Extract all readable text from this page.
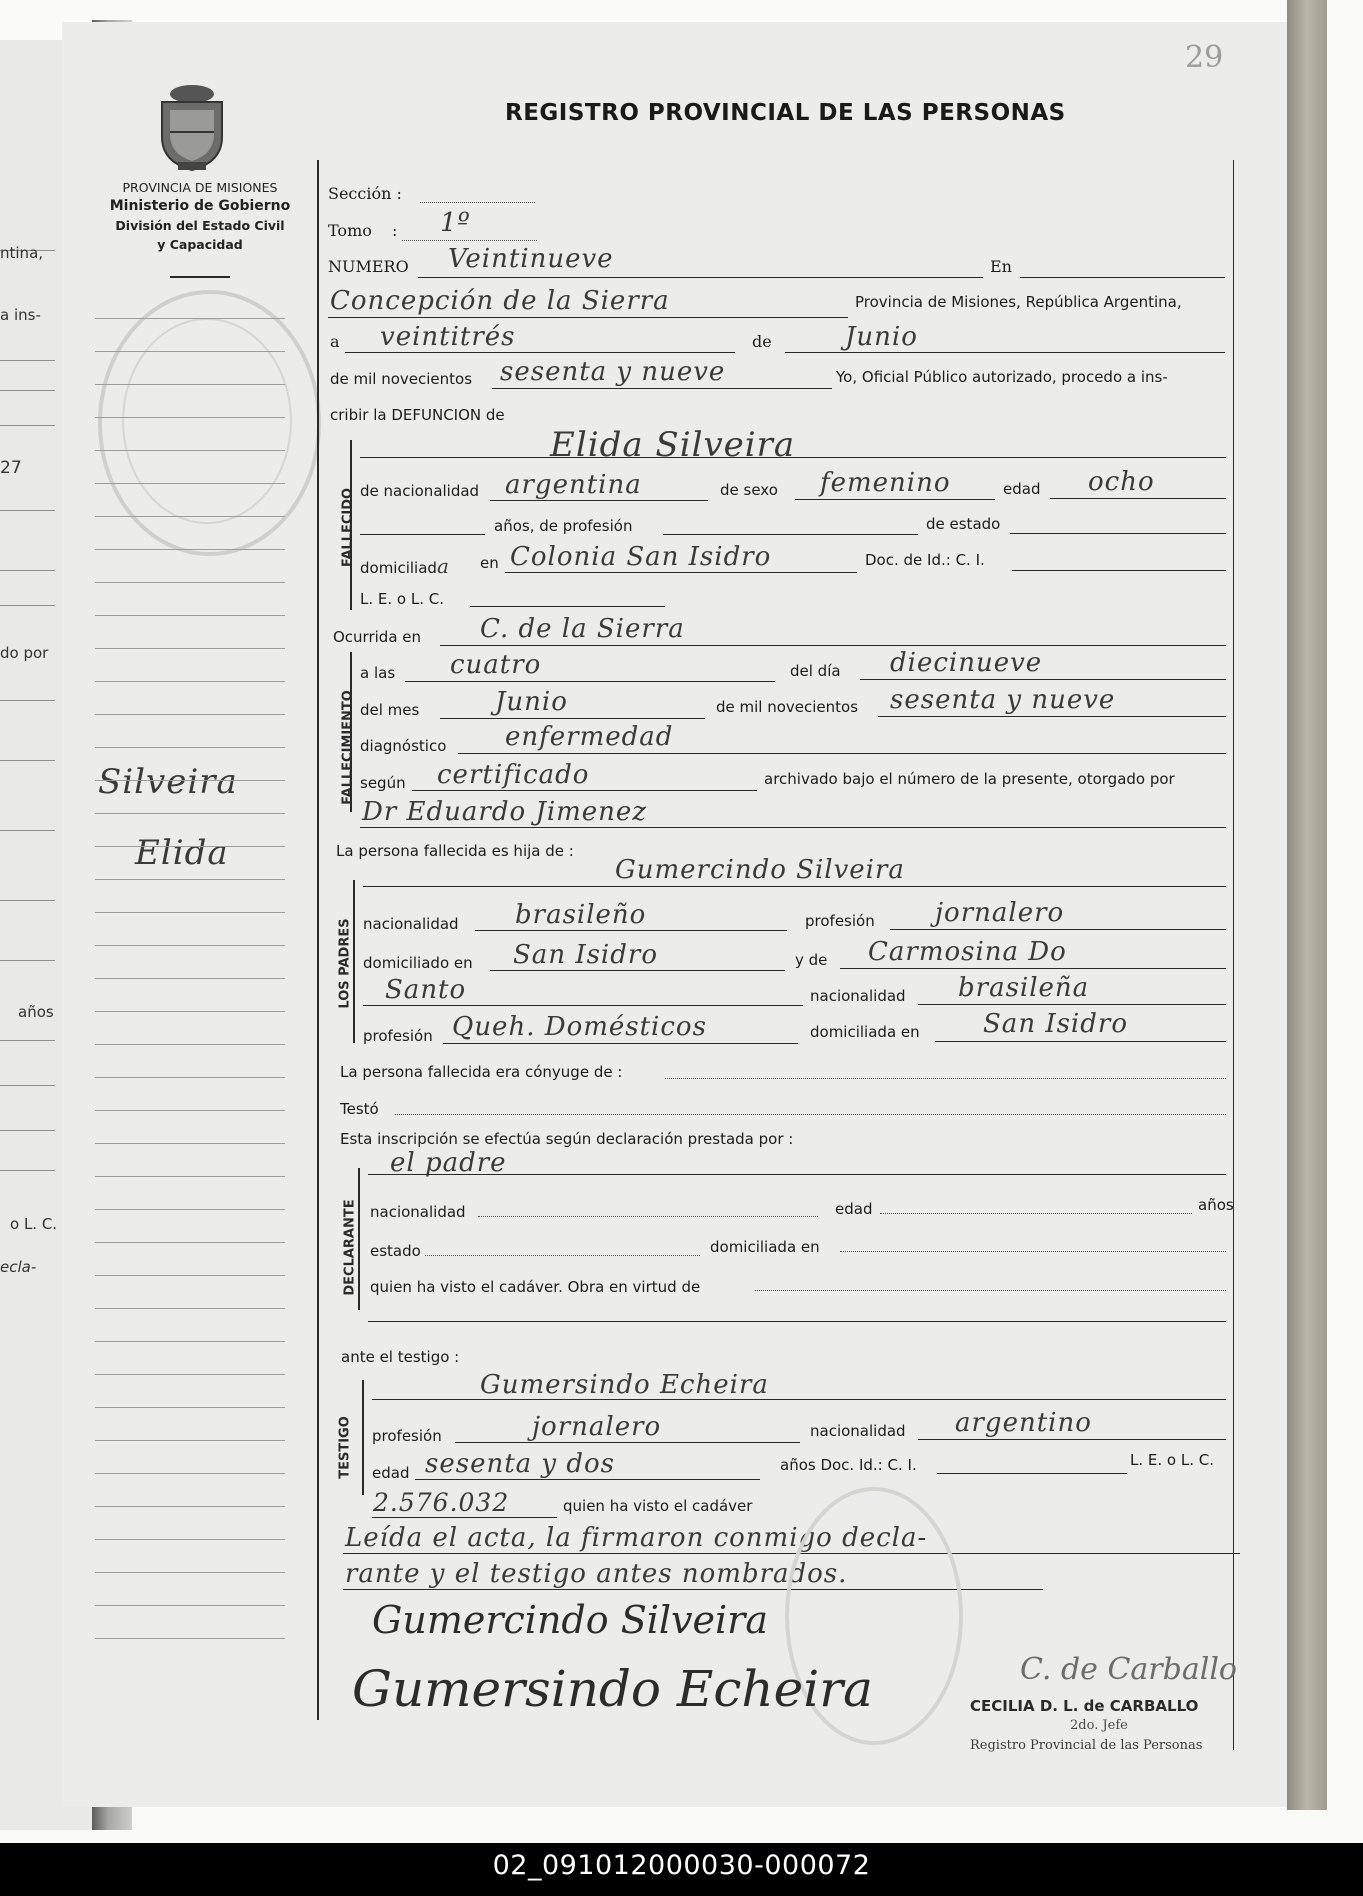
ntina,
a ins-
27
do por
años
o L. C.
ecla-
29
PROVINCIA DE MISIONES
Ministerio de Gobierno
División del Estado Civil
y Capacidad
Silveira
Elida
REGISTRO PROVINCIAL DE LAS PERSONAS
Sección :
Tomo : 1º
NUMERO Veintinueve	En
Concepción de la Sierra	Provincia de Misiones, República Argentina,
a veintitrés	de	Junio
de mil novecientos sesenta y nueve	Yo, Oficial Público autorizado, procedo a ins-
cribir la DEFUNCION de
Elida Silveira
FALLECIDO de nacionalidad argentina	de sexo femenino	edad ocho
años, de profesión	de estado
domiciliada en Colonia San Isidro	Doc. de Id.: C. I.
L. E. o L. C.
Ocurrida en C. de la Sierra
FALLECIMIENTO
a las cuatro	del día diecinueve
del mes	Junio	de mil novecientos sesenta y nueve
diagnóstico enfermedad
según certificado	archivado bajo el número de la presente, otorgado por
Dr Eduardo Jimenez
La persona fallecida es hija de :
LOS PADRES
Gumercindo Silveira
nacionalidad brasileño	profesión jornalero
domiciliado en San Isidro	y de Carmosina Do
Santo	nacionalidad brasileña
profesión Queh. Domésticos	domiciliada en San Isidro
La persona fallecida era cónyuge de :
Testó
Esta inscripción se efectúa según declaración prestada por :
DECLARANTE
el padre
nacionalidad	edad	años
estado	domiciliada en
quien ha visto el cadáver. Obra en virtud de
ante el testigo :
TESTIGO
Gumersindo Echeira
profesión	jornalero	nacionalidad argentino
edad sesenta y dos	años Doc. Id.: C. I.	L. E. o L. C.
2.576.032	quien ha visto el cadáver
Leída el acta, la firmaron conmigo decla-
rante y el testigo antes nombrados.
Gumercindo Silveira
Gumersindo Echeira	C. de Carballo
CECILIA D. L. de CARBALLO
2do. Jefe
Registro Provincial de las Personas
02_091012000030-000072
